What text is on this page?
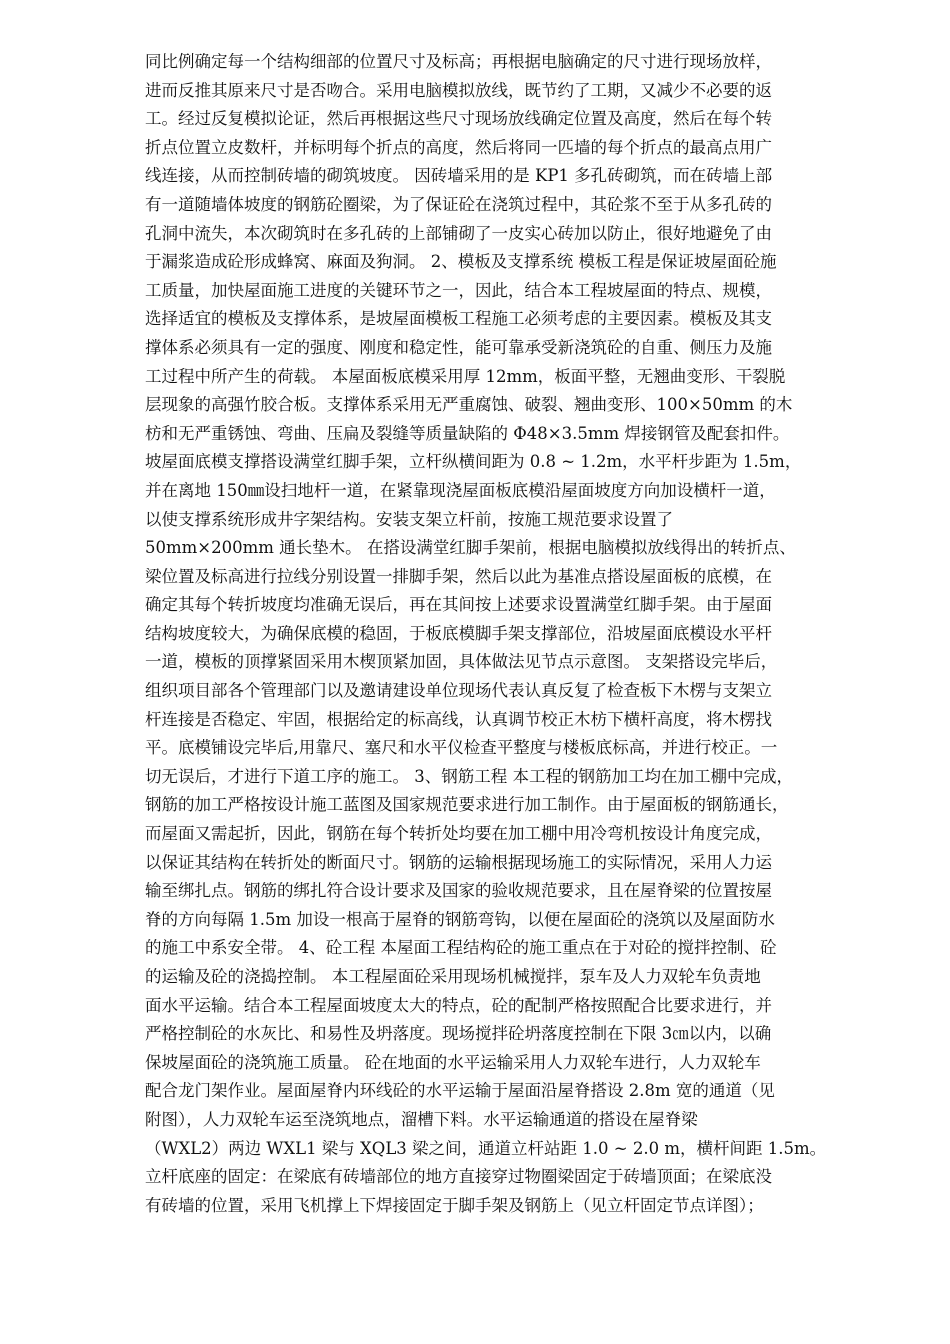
同比例确定每一个结构细部的位置尺寸及标高；再根据电脑确定的尺寸进行现场放样，
进而反推其原来尺寸是否吻合。采用电脑模拟放线，既节约了工期，又减少不必要的返
工。经过反复模拟论证，然后再根据这些尺寸现场放线确定位置及高度，然后在每个转
折点位置立皮数杆，并标明每个折点的高度，然后将同一匹墙的每个折点的最高点用广
线连接，从而控制砖墙的砌筑坡度。 因砖墙采用的是 KP1 多孔砖砌筑，而在砖墙上部
有一道随墙体坡度的钢筋砼圈梁，为了保证砼在浇筑过程中，其砼浆不至于从多孔砖的
孔洞中流失，本次砌筑时在多孔砖的上部铺砌了一皮实心砖加以防止，很好地避免了由
于漏浆造成砼形成蜂窝、麻面及狗洞。 2、模板及支撑系统 模板工程是保证坡屋面砼施
工质量，加快屋面施工进度的关键环节之一，因此，结合本工程坡屋面的特点、规模，
选择适宜的模板及支撑体系，是坡屋面模板工程施工必须考虑的主要因素。模板及其支
撑体系必须具有一定的强度、刚度和稳定性，能可靠承受新浇筑砼的自重、侧压力及施
工过程中所产生的荷载。 本屋面板底模采用厚 12mm，板面平整，无翘曲变形、干裂脱
层现象的高强竹胶合板。支撑体系采用无严重腐蚀、破裂、翘曲变形、100×50mm 的木
枋和无严重锈蚀、弯曲、压扁及裂缝等质量缺陷的 Φ48×3.5mm 焊接钢管及配套扣件。
坡屋面底模支撑搭设满堂红脚手架，立杆纵横间距为 0.8 ~ 1.2m，水平杆步距为 1.5m，
并在离地 150㎜设扫地杆一道，在紧靠现浇屋面板底模沿屋面坡度方向加设横杆一道，
以使支撑系统形成井字架结构。安装支架立杆前，按施工规范要求设置了
50mm×200mm 通长垫木。 在搭设满堂红脚手架前，根据电脑模拟放线得出的转折点、
梁位置及标高进行拉线分别设置一排脚手架，然后以此为基准点搭设屋面板的底模，在
确定其每个转折坡度均准确无误后，再在其间按上述要求设置满堂红脚手架。由于屋面
结构坡度较大，为确保底模的稳固，于板底模脚手架支撑部位，沿坡屋面底模设水平杆
一道，模板的顶撑紧固采用木楔顶紧加固，具体做法见节点示意图。 支架搭设完毕后，
组织项目部各个管理部门以及邀请建设单位现场代表认真反复了检查板下木楞与支架立
杆连接是否稳定、牢固，根据给定的标高线，认真调节校正木枋下横杆高度，将木楞找
平。底模铺设完毕后,用靠尺、塞尺和水平仪检查平整度与楼板底标高，并进行校正。一
切无误后，才进行下道工序的施工。 3、钢筋工程 本工程的钢筋加工均在加工棚中完成，
钢筋的加工严格按设计施工蓝图及国家规范要求进行加工制作。由于屋面板的钢筋通长，
而屋面又需起折，因此，钢筋在每个转折处均要在加工棚中用冷弯机按设计角度完成，
以保证其结构在转折处的断面尺寸。钢筋的运输根据现场施工的实际情况，采用人力运
输至绑扎点。钢筋的绑扎符合设计要求及国家的验收规范要求，且在屋脊梁的位置按屋
脊的方向每隔 1.5m 加设一根高于屋脊的钢筋弯钩，以便在屋面砼的浇筑以及屋面防水
的施工中系安全带。 4、砼工程 本屋面工程结构砼的施工重点在于对砼的搅拌控制、砼
的运输及砼的浇捣控制。 本工程屋面砼采用现场机械搅拌，泵车及人力双轮车负责地
面水平运输。结合本工程屋面坡度太大的特点，砼的配制严格按照配合比要求进行，并
严格控制砼的水灰比、和易性及坍落度。现场搅拌砼坍落度控制在下限 3㎝以内，以确
保坡屋面砼的浇筑施工质量。 砼在地面的水平运输采用人力双轮车进行，人力双轮车
配合龙门架作业。屋面屋脊内环线砼的水平运输于屋面沿屋脊搭设 2.8m 宽的通道（见
附图），人力双轮车运至浇筑地点，溜槽下料。水平运输通道的搭设在屋脊梁
（WXL2）两边 WXL1 梁与 XQL3 梁之间，通道立杆站距 1.0 ~ 2.0 m，横杆间距 1.5m。
立杆底座的固定：在梁底有砖墙部位的地方直接穿过物圈梁固定于砖墙顶面；在梁底没
有砖墙的位置，采用飞机撑上下焊接固定于脚手架及钢筋上（见立杆固定节点详图）；
